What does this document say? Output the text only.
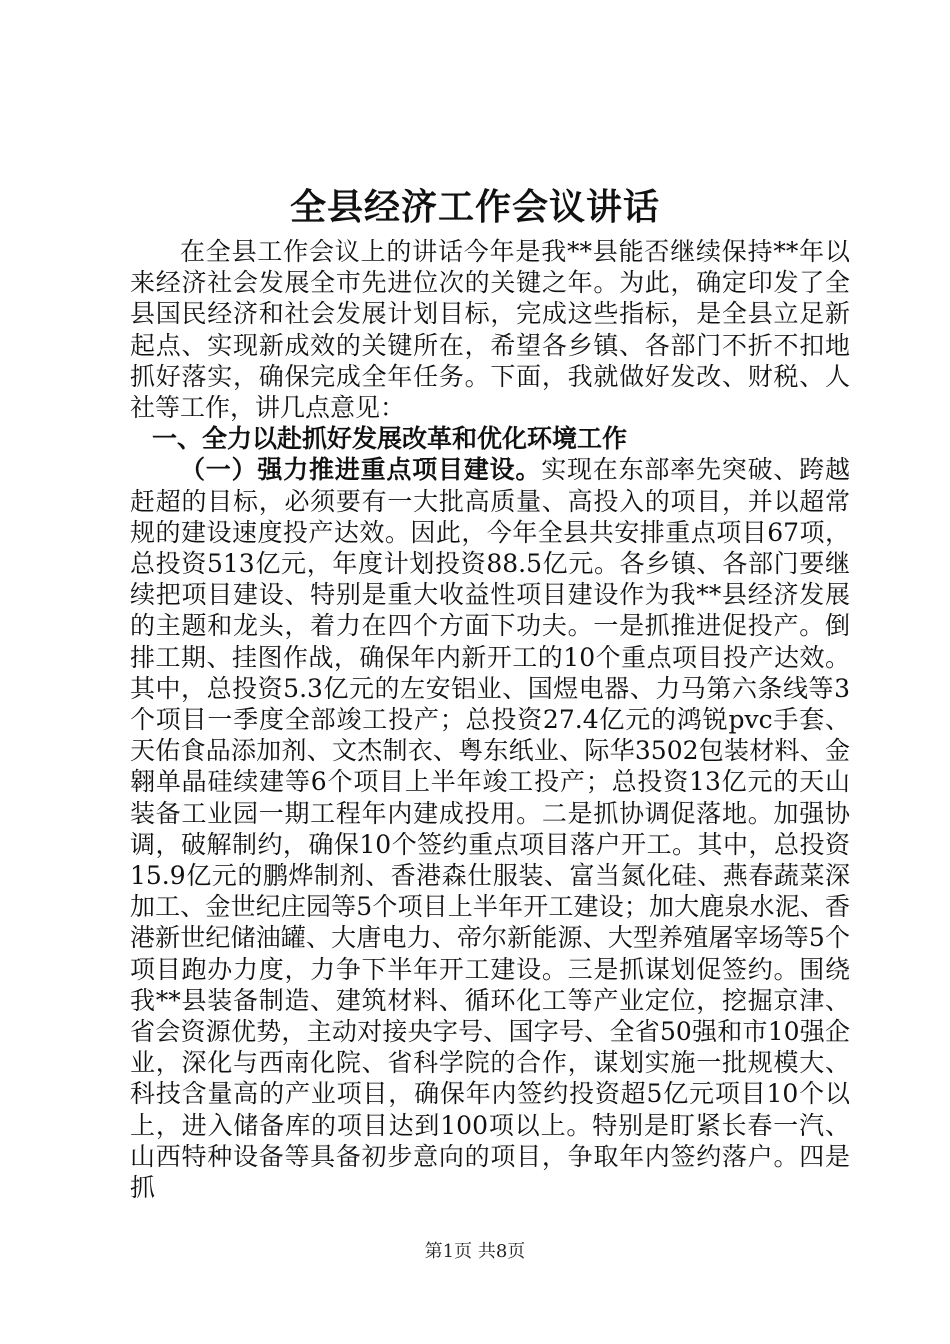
全县经济工作会议讲话

在全县工作会议上的讲话今年是我**县能否继续保持**年以来经济社会发展全市先进位次的关键之年。为此，确定印发了全县国民经济和社会发展计划目标，完成这些指标，是全县立足新起点、实现新成效的关键所在，希望各乡镇、各部门不折不扣地抓好落实，确保完成全年任务。下面，我就做好发改、财税、人社等工作，讲几点意见：

一、全力以赴抓好发展改革和优化环境工作

（一）强力推进重点项目建设。实现在东部率先突破、跨越赶超的目标，必须要有一大批高质量、高投入的项目，并以超常规的建设速度投产达效。因此，今年全县共安排重点项目67项，总投资513亿元，年度计划投资88.5亿元。各乡镇、各部门要继续把项目建设、特别是重大收益性项目建设作为我**县经济发展的主题和龙头，着力在四个方面下功夫。一是抓推进促投产。倒排工期、挂图作战，确保年内新开工的10个重点项目投产达效。其中，总投资5.3亿元的左安铝业、国煜电器、力马第六条线等3个项目一季度全部竣工投产；总投资27.4亿元的鸿锐pvc手套、天佑食品添加剂、文杰制衣、粤东纸业、际华3502包装材料、金翱单晶硅续建等6个项目上半年竣工投产；总投资13亿元的天山装备工业园一期工程年内建成投用。二是抓协调促落地。加强协调，破解制约，确保10个签约重点项目落户开工。其中，总投资15.9亿元的鹏烨制剂、香港森仕服装、富当氮化硅、燕春蔬菜深加工、金世纪庄园等5个项目上半年开工建设；加大鹿泉水泥、香港新世纪储油罐、大唐电力、帝尔新能源、大型养殖屠宰场等5个项目跑办力度，力争下半年开工建设。三是抓谋划促签约。围绕我**县装备制造、建筑材料、循环化工等产业定位，挖掘京津、省会资源优势，主动对接央字号、国字号、全省50强和市10强企业，深化与西南化院、省科学院的合作，谋划实施一批规模大、科技含量高的产业项目，确保年内签约投资超5亿元项目10个以上，进入储备库的项目达到100项以上。特别是盯紧长春一汽、山西特种设备等具备初步意向的项目，争取年内签约落户。四是抓

第1页 共8页
